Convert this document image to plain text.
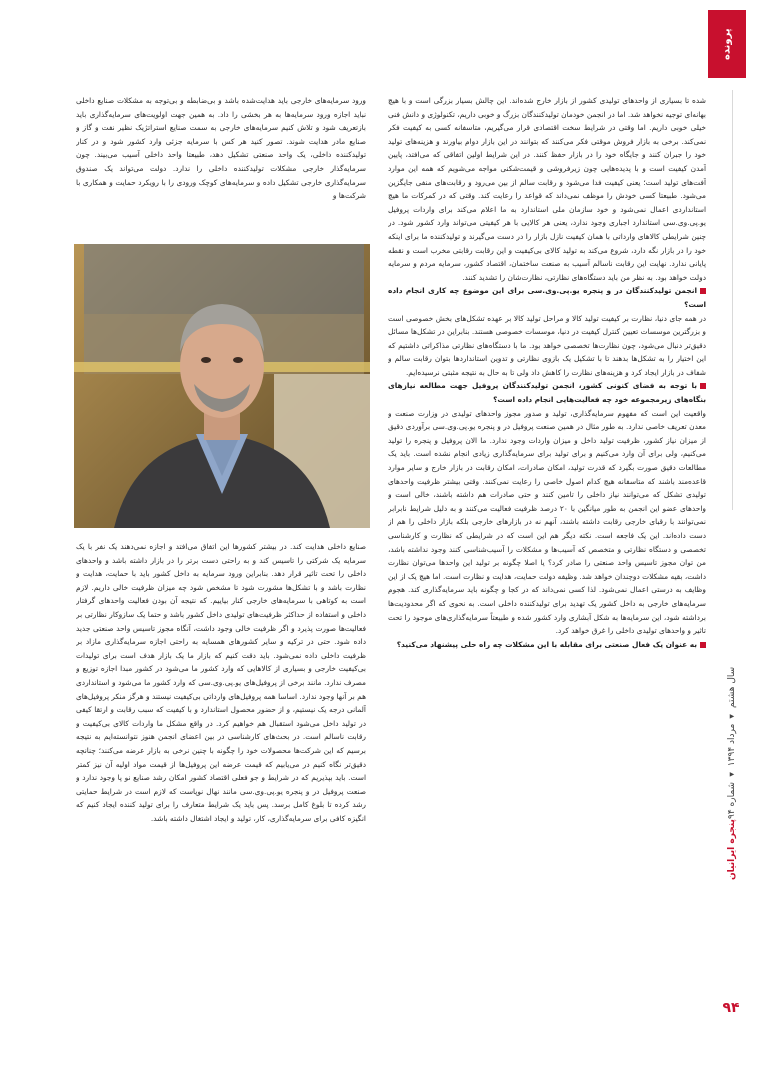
پرونده
پنجره ایرانیان
سال هشتم ◂ مرداد ۱۳۹۴ ◂ شماره ۹۴
۹۴

شده تا بسیاری از واحدهای تولیدی کشور از بازار خارج شده‌اند. این چالش بسیار بزرگی است و با هیچ بهانه‌ای توجیه نخواهد شد. اما در انجمن خودمان تولیدکنندگان بزرگ و خوبی داریم، تکنولوژی و دانش فنی خیلی خوبی داریم. اما وقتی در شرایط سخت اقتصادی قرار می‌گیریم، متاسفانه کسی به کیفیت فکر نمی‌کند. برخی به بازار فروش موقتی فکر می‌کنند که بتوانند در این بازار دوام بیاورند و هزینه‌های تولید خود را جبران کنند و جایگاه خود را در بازار حفظ کنند. در این شرایط اولین اتفاقی که می‌افتد، پایین آمدن کیفیت است و با پدیده‌هایی چون زیرفروشی و قیمت‌شکنی مواجه می‌شویم که همه این موارد آفت‌های تولید است؛ یعنی کیفیت فدا می‌شود و رقابت سالم از بین می‌رود و رقابت‌های منفی جایگزین می‌شود. طبیعتا کسی خودش را موظف نمی‌داند که قواعد را رعایت کند. وقتی که در کمرکات ما هیچ استانداردی اعمال نمی‌شود و خود سازمان ملی استاندارد به ما اعلام می‌کند برای واردات پروفیل یو.پی.وی.سی استاندارد اجباری وجود ندارد، یعنی هر کالایی با هر کیفیتی می‌تواند وارد کشور شود. در چنین شرایطی کالاهای وارداتی با همان کیفیت نازل بازار را در دست می‌گیرند و تولیدکننده ما برای اینکه خود را در بازار نگه دارد، شروع می‌کند به تولید کالای بی‌کیفیت و این رقابت رقابتی مخرب است و نقطه پایانی ندارد. نهایت این رقابت ناسالم آسیب به صنعت ساختمان، اقتصاد کشور، سرمایه مردم و سرمایه دولت خواهد بود. به نظر من باید دستگاه‌های نظارتی، نظارت‌شان را تشدید کنند.

انجمن تولیدکنندگان در و پنجره یو.پی.وی.سی برای این موضوع چه کاری انجام داده است؟

در همه جای دنیا، نظارت بر کیفیت تولید کالا و مراحل تولید کالا بر عهده تشکل‌های بخش خصوصی است و بزرگترین موسسات تعیین کنترل کیفیت در دنیا، موسسات خصوصی هستند. بنابراین در تشکل‌ها مسائل دقیق‌تر دنبال می‌شود، چون نظارت‌ها تخصصی خواهد بود. ما با دستگاه‌های نظارتی مذاکراتی داشتیم که این اختیار را به تشکل‌ها بدهند تا با تشکیل یک بازوی نظارتی و تدوین استانداردها بتوان رقابت سالم و شفاف در بازار ایجاد کرد و هزینه‌های نظارت را کاهش داد ولی تا به حال به نتیجه مثبتی نرسیده‌ایم.

با توجه به فضای کنونی کشور، انجمن تولیدکنندگان پروفیل جهت مطالعه نیازهای بنگاه‌های زیرمجموعه خود چه فعالیت‌هایی انجام داده است؟

واقعیت این است که مفهوم سرمایه‌گذاری، تولید و صدور مجوز واحدهای تولیدی در وزارت صنعت و معدن تعریف خاصی ندارد. به طور مثال در همین صنعت پروفیل در و پنجره یو.پی.وی.سی برآوردی دقیق از میزان نیاز کشور، ظرفیت تولید داخل و میزان واردات وجود ندارد. ما الان پروفیل و پنجره را تولید می‌کنیم، ولی برای آن وارد می‌کنیم و برای تولید برای سرمایه‌گذاری زیادی انجام نشده است. باید یک مطالعات دقیق صورت بگیرد که قدرت تولید، امکان صادرات، امکان رقابت در بازار خارج و سایر موارد قاعده‌مند باشند که متاسفانه هیچ کدام اصول خاصی را رعایت نمی‌کنند. وقتی بیشتر ظرفیت واحدهای تولیدی تشکل که می‌توانند نیاز داخلی را تامین کنند و حتی صادرات هم داشته باشند، خالی است و واحدهای عضو این انجمن به طور میانگین با ۲۰ درصد ظرفیت فعالیت می‌کنند و به دلیل شرایط نابرابر نمی‌توانند با رقبای خارجی رقابت داشته باشند، آنهم نه در بازارهای خارجی بلکه بازار داخلی را هم از دست داده‌اند. این یک فاجعه است. نکته دیگر هم این است که در شرایطی که نظارت و کارشناسی تخصصی و دستگاه نظارتی و متخصص که آسیب‌ها و مشکلات را آسیب‌شناسی کنند وجود نداشته باشد، من توان مجوز تاسیس واحد صنعتی را صادر کرد؟ یا اصلا چگونه بر تولید این واحدها می‌توان نظارت داشت، بقیه مشکلات دوچندان خواهد شد. وظیفه دولت حمایت، هدایت و نظارت است. اما هیچ یک از این وظایف به درستی اعمال نمی‌شود. لذا کسی نمی‌داند که در کجا و چگونه باید سرمایه‌گذاری کند. هجوم سرمایه‌های خارجی به داخل کشور یک تهدید برای تولیدکننده داخلی است. به نحوی که اگر محدودیت‌ها برداشته شود، این سرمایه‌ها به شکل آبشاری وارد کشور شده و طبیعتاً سرمایه‌گذاری‌های موجود را تحت تاثیر و واحدهای تولیدی داخلی را غرق خواهد کرد.

به عنوان یک فعال صنعتی برای مقابله با این مشکلات چه راه حلی پیشنهاد می‌کنید؟

ورود سرمایه‌های خارجی باید هدایت‌شده باشد و بی‌ضابطه و بی‌توجه به مشکلات صنایع داخلی نباید اجازه ورود سرمایه‌ها به هر بخشی را داد. به همین جهت اولویت‌های سرمایه‌گذاری باید بازتعریف شود و تلاش کنیم سرمایه‌های خارجی به سمت صنایع استراتژیک نظیر نفت و گاز و صنایع مادر هدایت شوند. تصور کنید هر کس با سرمایه جزئی وارد کشور شود و در کنار تولیدکننده داخلی، یک واحد صنعتی تشکیل دهد، طبیعتا واحد داخلی آسیب می‌بیند. چون سرمایه‌گذار خارجی مشکلات تولیدکننده داخلی را ندارد. دولت می‌تواند یک صندوق سرمایه‌گذاری خارجی تشکیل داده و سرمایه‌های کوچک ورودی را با رویکرد حمایت و همکاری با شرکت‌ها و

صنایع داخلی هدایت کند. در بیشتر کشورها این اتفاق می‌افتد و اجازه نمی‌دهند یک نفر با یک سرمایه یک شرکتی را تاسیس کند و به راحتی دست برتر را در بازار داشته باشد و واحدهای داخلی را تحت تاثیر قرار دهد. بنابراین ورود سرمایه به داخل کشور باید با حمایت، هدایت و نظارت باشد و با تشکل‌ها مشورت شود تا مشخص شود چه میزان ظرفیت خالی داریم. لازم است به کوتاهی با سرمایه‌های خارجی کنار بیاییم. که نتیجه آن بودن فعالیت واحدهای گرفتار داخلی و استفاده از حداکثر ظرفیت‌های تولیدی داخل کشور باشد و حتما یک سازوکار نظارتی بر فعالیت‌ها صورت پذیرد و اگر ظرفیت خالی وجود داشت، آنگاه مجوز تاسیس واحد صنعتی جدید داده شود. حتی در ترکیه و سایر کشورهای همسایه به راحتی اجازه سرمایه‌گذاری مازاد بر ظرفیت داخلی داده نمی‌شود. باید دقت کنیم که بازار ما یک بازار هدف است برای تولیدات بی‌کیفیت خارجی و بسیاری از کالاهایی که وارد کشور ما می‌شود در کشور مبدا اجازه توزیع و مصرف ندارد. مانند برخی از پروفیل‌های یو.پی.وی.سی که وارد کشور ما می‌شود و استانداردی هم بر آنها وجود ندارد. اساسا همه پروفیل‌های وارداتی بی‌کیفیت نیستند و هرگز منکر پروفیل‌های آلمانی درجه یک نیستیم، و از حضور محصول استاندارد و با کیفیت که سبب رقابت و ارتقا کیفی در تولید داخل می‌شود استقبال هم خواهیم کرد. در واقع مشکل ما واردات کالای بی‌کیفیت و رقابت ناسالم است. در بحث‌های کارشناسی در بین اعضای انجمن هنوز نتوانسته‌ایم به نتیجه برسیم که این شرکت‌ها محصولات خود را چگونه با چنین نرخی به بازار عرضه می‌کنند؛ چنانچه دقیق‌تر نگاه کنیم در می‌یابیم که قیمت عرضه این پروفیل‌ها از قیمت مواد اولیه آن نیز کمتر است. باید بپذیریم که در شرایط و جو فعلی اقتصاد کشور امکان رشد صنایع نو پا وجود ندارد و صنعت پروفیل در و پنجره یو.پی.وی.سی مانند نهال نوپاست که لازم است در شرایط حمایتی رشد کرده تا بلوغ کامل برسد. پس باید یک شرایط متعارف را برای تولید کننده ایجاد کنیم که انگیزه کافی برای سرمایه‌گذاری، کار، تولید و ایجاد اشتغال داشته باشد.
